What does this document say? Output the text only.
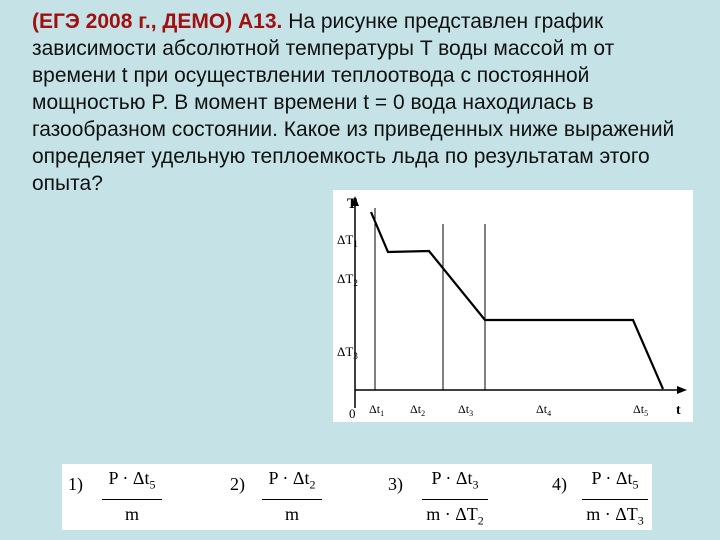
(ЕГЭ 2008 г., ДЕМО) А13. На рисунке представлен график зависимости абсолютной температуры T воды массой m от времени t при осуществлении теплоотвода с постоянной мощностью P. В момент времени t = 0 вода находилась в газообразном состоянии. Какое из приведенных ниже выражений определяет удельную теплоемкость льда по результатам этого опыта?

T
t
0
$\Delta T_1$
$\Delta T_2$
$\Delta T_3$
$\Delta t_1$ $\Delta t_2$	$\Delta t_3$	$\Delta t_4$	$\Delta t_5$
1)	$P \cdot \Delta t_5$
m
2)	$P \cdot \Delta t_2$
m
3)	$P \cdot \Delta t_3$
$m \cdot \Delta T_2$
4)	$P \cdot \Delta t_5$
$m \cdot \Delta T_3$
